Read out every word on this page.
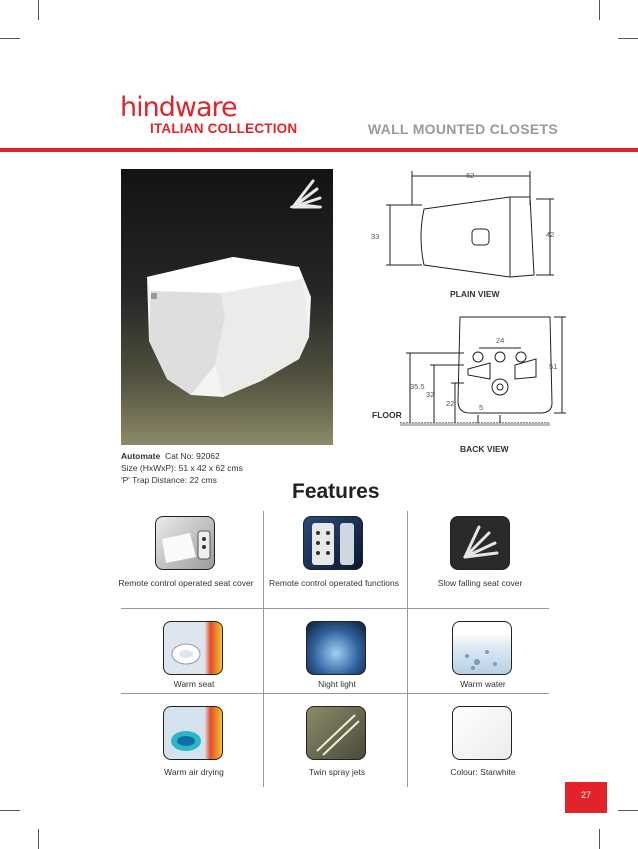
hindware
ITALIAN COLLECTION	WALL MOUNTED CLOSETS
Automate Cat No: 92062
Size (HxWxP): 51 x 42 x 62 cms
'P' Trap Distance: 22 cms
62
33	42
PLAIN VIEW
24
51
35.5
32
22	5
FLOOR
BACK VIEW
Features
Remote control operated seat cover	Remote control operated functions	Slow falling seat cover
Warm seat	Night light	Warm water
Warm air drying	Twin spray jets	Colour: Starwhite
27
